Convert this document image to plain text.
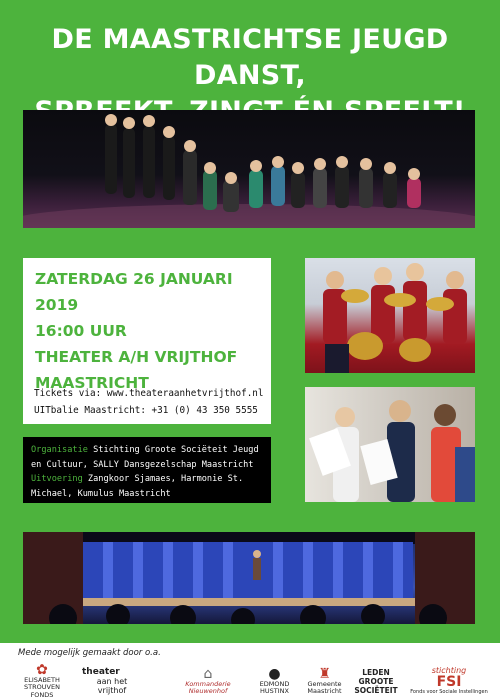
DE MAASTRICHTSE JEUGD DANST,
ZATERDAG 26 JANUARI 2019
16:00 UUR
THEATER A/H VRIJTHOF
MAASTRICHT
Tickets via: www.theateraanhetvrijthof.nl
UITbalie Maastricht: +31 (0) 43 350 5555
Organisatie Stichting Groote Sociëteit Jeugd en Cultuur, SALLY Dansgezelschap Maastricht Uitvoering Zangkoor Sjamaes, Harmonie St. Michael, Kumulus Maastricht
Mede mogelijk gemaakt door o.a.
✿
ELISABETH
STROUVEN
FONDS
theater
aan het vrijthof
⌂
Kommanderie
Nieuwenhof
●
EDMOND
HUSTINX
♜
Gemeente
Maastricht
LEDEN
GROOTE
SOCIËTEIT
stichting
FSI
Fonds voor Sociale Instellingen
